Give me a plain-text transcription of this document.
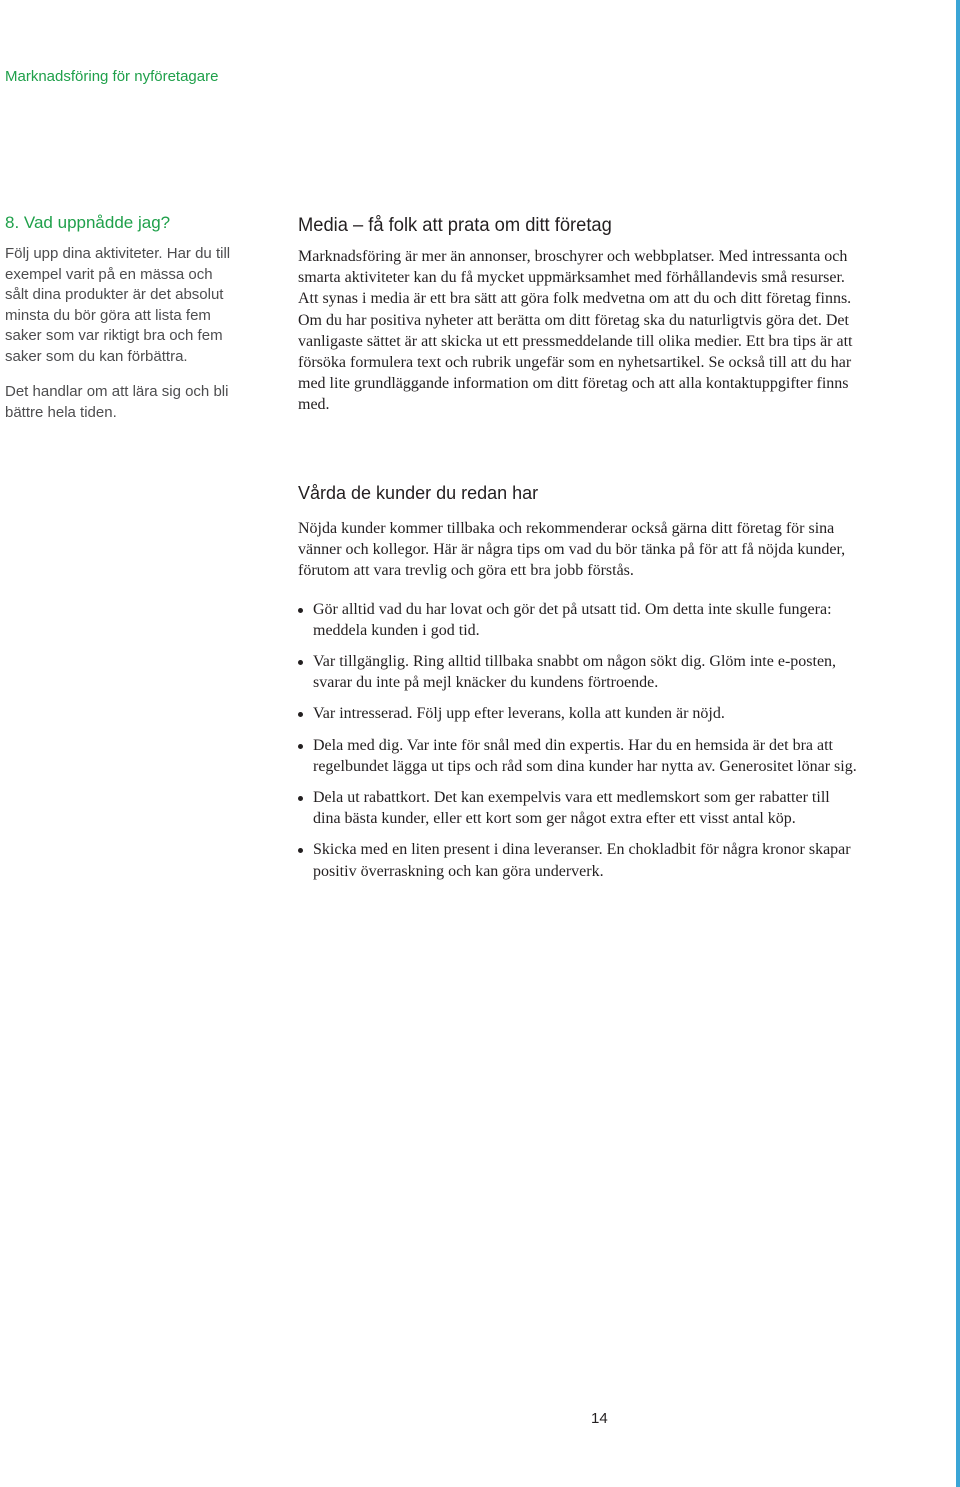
Marknadsföring för nyföretagare
8. Vad uppnådde jag?

Följ upp dina aktiviteter. Har du till exempel varit på en mässa och sålt dina produkter är det absolut minsta du bör göra att lista fem saker som var riktigt bra och fem saker som du kan förbättra.

Det handlar om att lära sig och bli bättre hela tiden.

Media – få folk att prata om ditt företag

Marknadsföring är mer än annonser, broschyrer och webbplatser. Med intressanta och smarta aktiviteter kan du få mycket uppmärksamhet med förhållandevis små resurser. Att synas i media är ett bra sätt att göra folk medvetna om att du och ditt företag finns.

Om du har positiva nyheter att berätta om ditt företag ska du naturligtvis göra det. Det vanligaste sättet är att skicka ut ett pressmeddelande till olika medier. Ett bra tips är att försöka formulera text och rubrik ungefär som en nyhetsartikel. Se också till att du har med lite grundläggande information om ditt företag och att alla kontaktuppgifter finns med.

Vårda de kunder du redan har

Nöjda kunder kommer tillbaka och rekommenderar också gärna ditt företag för sina vänner och kollegor. Här är några tips om vad du bör tänka på för att få nöjda kunder, förutom att vara trevlig och göra ett bra jobb förstås.

Gör alltid vad du har lovat och gör det på utsatt tid. Om detta inte skulle fungera: meddela kunden i god tid.
Var tillgänglig. Ring alltid tillbaka snabbt om någon sökt dig. Glöm inte e-posten, svarar du inte på mejl knäcker du kundens förtroende.
Var intresserad. Följ upp efter leverans, kolla att kunden är nöjd.
Dela med dig. Var inte för snål med din expertis. Har du en hemsida är det bra att regelbundet lägga ut tips och råd som dina kunder har nytta av. Generositet lönar sig.
Dela ut rabattkort. Det kan exempelvis vara ett medlemskort som ger rabatter till dina bästa kunder, eller ett kort som ger något extra efter ett visst antal köp.
Skicka med en liten present i dina leveranser. En chokladbit för några kronor skapar positiv överraskning och kan göra underverk.
14
